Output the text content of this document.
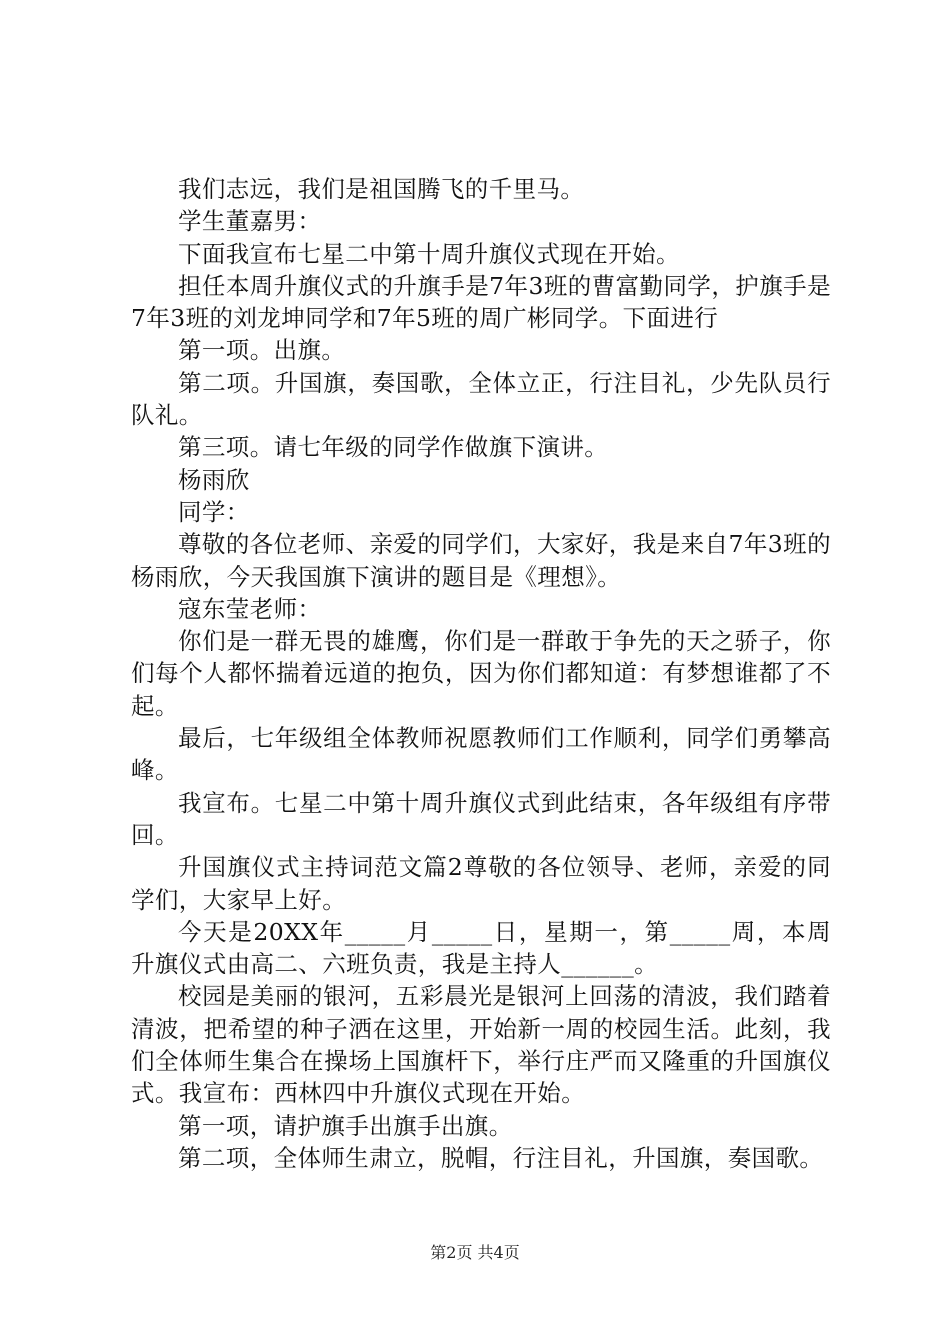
我们志远，我们是祖国腾飞的千里马。

学生董嘉男：

下面我宣布七星二中第十周升旗仪式现在开始。

担任本周升旗仪式的升旗手是7年3班的曹富勤同学，护旗手是7年3班的刘龙坤同学和7年5班的周广彬同学。下面进行

第一项。出旗。

第二项。升国旗，奏国歌，全体立正，行注目礼，少先队员行队礼。

第三项。请七年级的同学作做旗下演讲。

杨雨欣

同学：

尊敬的各位老师、亲爱的同学们，大家好，我是来自7年3班的杨雨欣，今天我国旗下演讲的题目是《理想》。

寇东莹老师：

你们是一群无畏的雄鹰，你们是一群敢于争先的天之骄子，你们每个人都怀揣着远道的抱负，因为你们都知道：有梦想谁都了不起。

最后，七年级组全体教师祝愿教师们工作顺利，同学们勇攀高峰。

我宣布。七星二中第十周升旗仪式到此结束，各年级组有序带回。

升国旗仪式主持词范文篇2尊敬的各位领导、老师，亲爱的同学们，大家早上好。

今天是20XX年_____月_____日，星期一，第_____周，本周升旗仪式由高二、六班负责，我是主持人______。

校园是美丽的银河，五彩晨光是银河上回荡的清波，我们踏着清波，把希望的种子洒在这里，开始新一周的校园生活。此刻，我们全体师生集合在操场上国旗杆下，举行庄严而又隆重的升国旗仪式。我宣布：西林四中升旗仪式现在开始。

第一项，请护旗手出旗手出旗。

第二项，全体师生肃立，脱帽，行注目礼，升国旗，奏国歌。

第2页 共4页
